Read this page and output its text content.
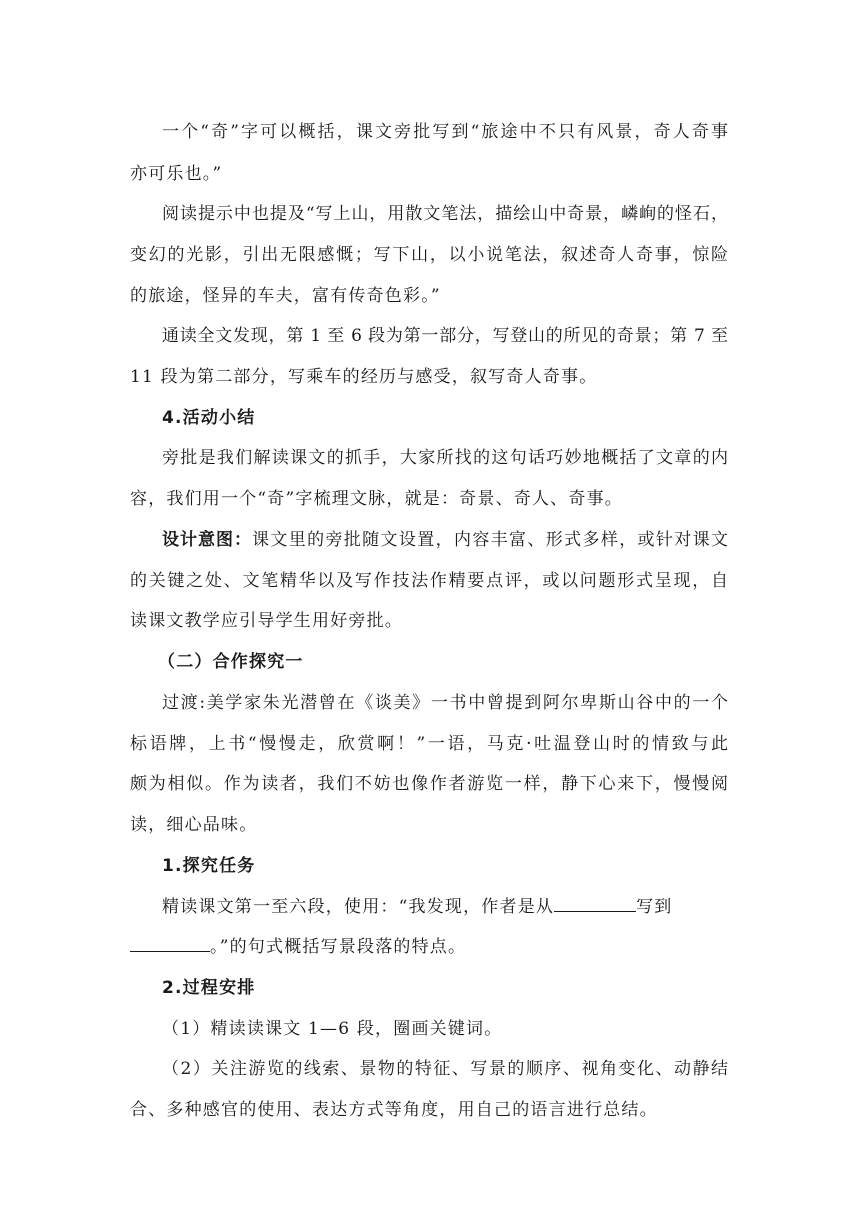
一个“奇”字可以概括，课文旁批写到“旅途中不只有风景，奇人奇事
亦可乐也。”
阅读提示中也提及“写上山，用散文笔法，描绘山中奇景，嶙峋的怪石，
变幻的光影，引出无限感慨；写下山，以小说笔法，叙述奇人奇事，惊险
的旅途，怪异的车夫，富有传奇色彩。”
通读全文发现，第 1 至 6 段为第一部分，写登山的所见的奇景；第 7 至
11 段为第二部分，写乘车的经历与感受，叙写奇人奇事。
4.活动小结
旁批是我们解读课文的抓手，大家所找的这句话巧妙地概括了文章的内
容，我们用一个“奇”字梳理文脉，就是：奇景、奇人、奇事。
设计意图： 课文里的旁批随文设置，内容丰富、形式多样，或针对课文
的关键之处、文笔精华以及写作技法作精要点评，或以问题形式呈现，自
读课文教学应引导学生用好旁批。
（二）合作探究一
过渡:美学家朱光潜曾在《谈美》一书中曾提到阿尔卑斯山谷中的一个
标语牌，上书“慢慢走，欣赏啊！”一语，马克·吐温登山时的情致与此
颇为相似。作为读者，我们不妨也像作者游览一样，静下心来下，慢慢阅
读，细心品味。
1.探究任务
精读课文第一至六段，使用：“我发现，作者是从	写到
。”的句式概括写景段落的特点。
2.过程安排
（1）精读读课文 1—6 段，圈画关键词。
（2）关注游览的线索、景物的特征、写景的顺序、视角变化、动静结
合、多种感官的使用、表达方式等角度，用自己的语言进行总结。
